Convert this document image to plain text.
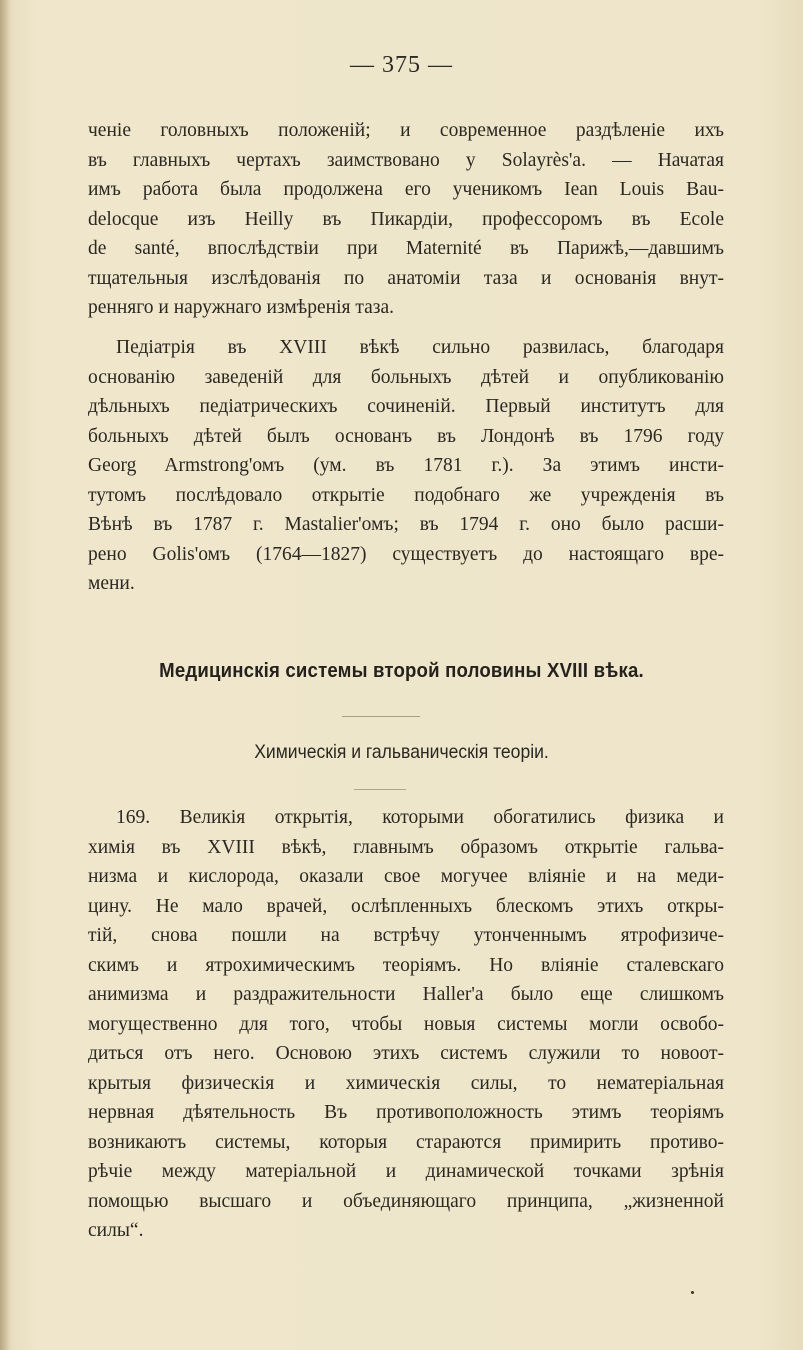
— 375 —
ченіе головныхъ положеній; и современное раздѣленіе ихъ
въ главныхъ чертахъ заимствовано у Solayrès'a. — Начатая
имъ работа была продолжена его ученикомъ Iean Louis Bau-
delocque изъ Heilly въ Пикардіи, профессоромъ въ Ecole
de santé, впослѣдствіи при Maternité въ Парижѣ,—давшимъ
тщательныя изслѣдованія по анатоміи таза и основанія внут-
ренняго и наружнаго измѣренія таза.
Педіатрія въ XVIII вѣкѣ сильно развилась, благодаря
основанію заведеній для больныхъ дѣтей и опубликованію
дѣльныхъ педіатрическихъ сочиненій. Первый институтъ для
больныхъ дѣтей былъ основанъ въ Лондонѣ въ 1796 году
Georg Armstrong'омъ (ум. въ 1781 г.). За этимъ инсти-
тутомъ послѣдовало открытіе подобнаго же учрежденія въ
Вѣнѣ въ 1787 г. Mastalier'омъ; въ 1794 г. оно было расши-
рено Golis'омъ (1764—1827) существуетъ до настоящаго вре-
мени.
Медицинскія системы второй половины XVIII вѣка.
Химическія и гальваническія теоріи.
169. Великія открытія, которыми обогатились физика и
химія въ XVIII вѣкѣ, главнымъ образомъ открытіе гальва-
низма и кислорода, оказали свое могучее вліяніе и на меди-
цину. Не мало врачей, ослѣпленныхъ блескомъ этихъ откры-
тій, снова пошли на встрѣчу утонченнымъ ятрофизиче-
скимъ и ятрохимическимъ теоріямъ. Но вліяніе сталевскаго
анимизма и раздражительности Haller'a было еще слишкомъ
могущественно для того, чтобы новыя системы могли освобо-
диться отъ него. Основою этихъ системъ служили то новоот-
крытыя физическія и химическія силы, то нематеріальная
нервная дѣятельность Въ противоположность этимъ теоріямъ
возникаютъ системы, которыя стараются примирить противо-
рѣчіе между матеріальной и динамической точками зрѣнія
помощью высшаго и объединяющаго принципа, „жизненной
силы“.
